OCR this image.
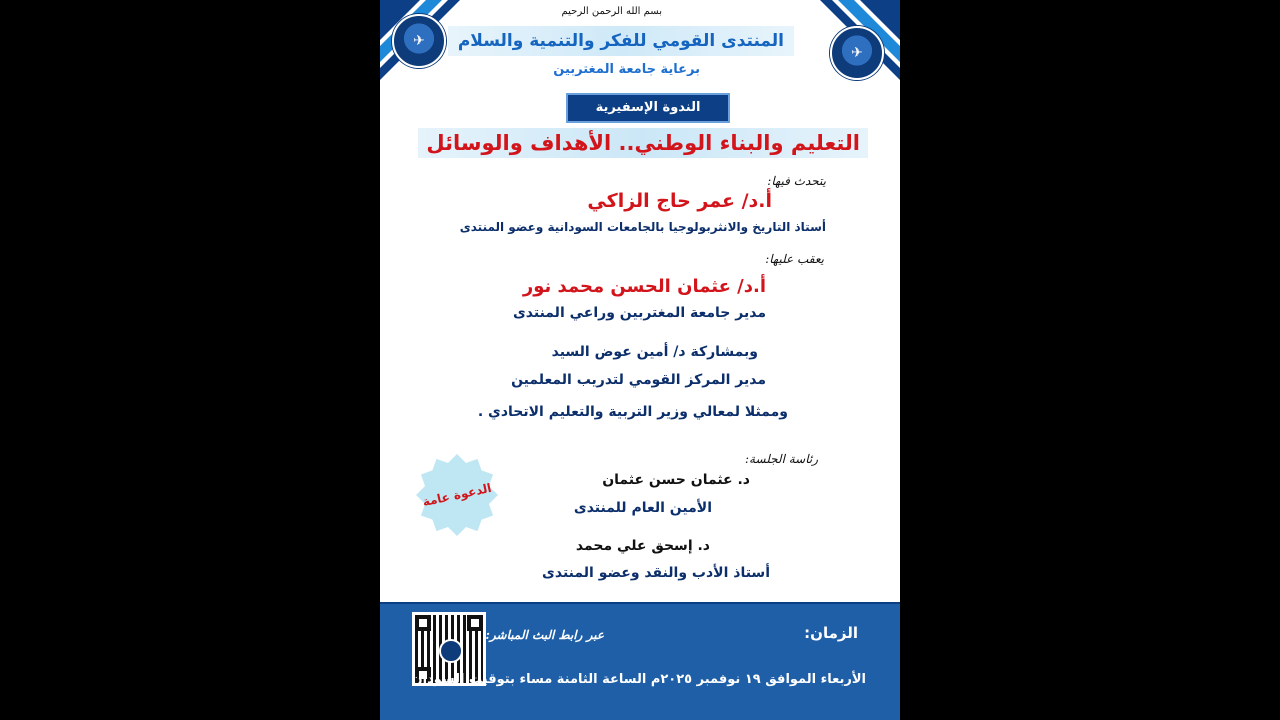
✈
✈
بسم الله الرحمن الرحيم
المنتدى القومي للفكر والتنمية والسلام
برعاية جامعة المغتربين
الندوة الإسفيرية
التعليم والبناء الوطني.. الأهداف والوسائل
يتحدث فيها:
أ.د/ عمر حاج الزاكي
أستاذ التاريخ والانثربولوجيا بالجامعات السودانية وعضو المنتدى
يعقب عليها:
أ.د/ عثمان الحسن محمد نور
مدير جامعة المغتربين وراعي المنتدى
وبمشاركة د/ أمين عوض السيد
مدير المركز القومي لتدريب المعلمين
وممثلا لمعالي وزير التربية والتعليم الاتحادي .
رئاسة الجلسة:
د. عثمان حسن عثمان
الأمين العام للمنتدى
د. إسحق علي محمد
أستاذ الأدب والنقد وعضو المنتدى
الدعوة عامة
الزمان:
عبر رابط البث المباشر:
الأربعاء الموافق ١٩ نوفمبر ٢٠٢٥م الساعة الثامنة مساء بتوقيت السودان
